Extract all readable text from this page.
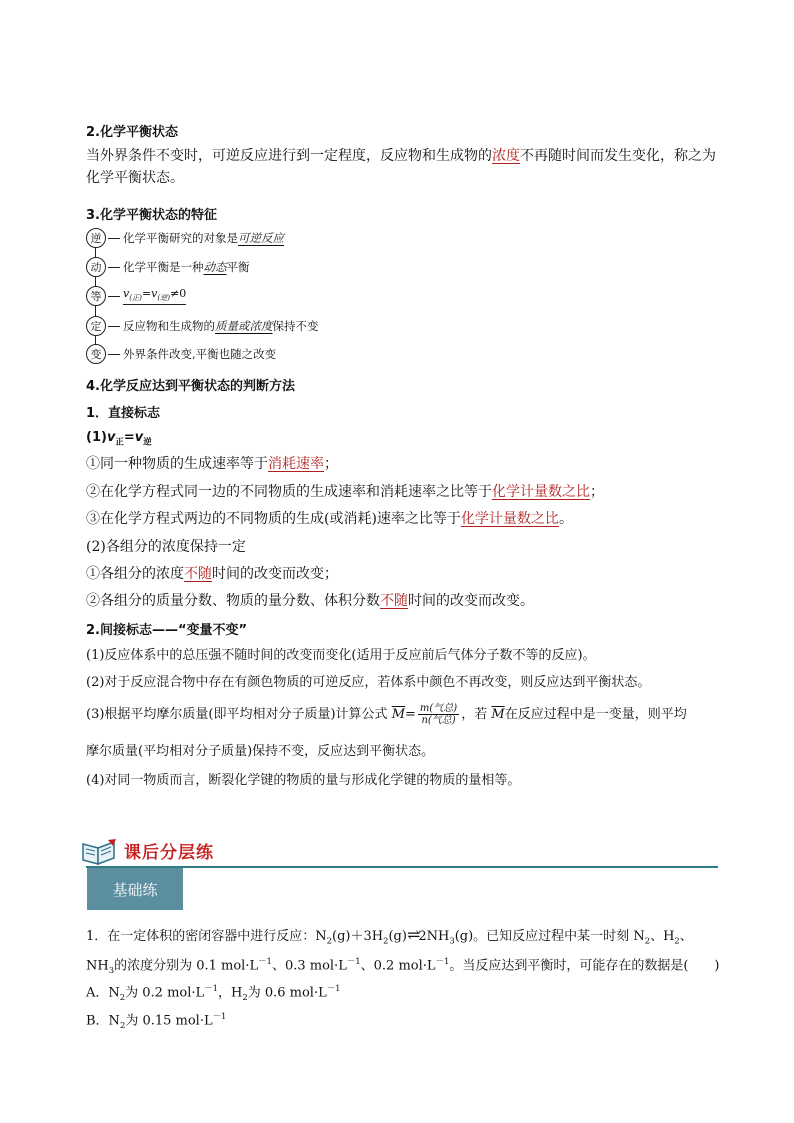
2.化学平衡状态
当外界条件不变时，可逆反应进行到一定程度，反应物和生成物的浓度不再随时间而发生变化，称之为
化学平衡状态。
3.化学平衡状态的特征
逆	化学平衡研究的对象是 可逆反应
动	化学平衡是一种 动态 平衡
等	$v_{(正)}=v_{(逆)}\ne 0$
定	反应物和生成物的 质量或浓度 保持不变
变	外界条件改变,平衡也随之改变
4.化学反应达到平衡状态的判断方法
1．直接标志
$(1)v_正=v_逆$
①同一种物质的生成速率等于消耗速率；
②在化学方程式同一边的不同物质的生成速率和消耗速率之比等于化学计量数之比；
③在化学方程式两边的不同物质的生成(或消耗)速率之比等于化学计量数之比。
(2)各组分的浓度保持一定
①各组分的浓度不随时间的改变而改变；
②各组分的质量分数、物质的量分数、体积分数不随时间的改变而改变。
2.间接标志——“变量不变”
(1)反应体系中的总压强不随时间的改变而变化(适用于反应前后气体分子数不等的反应)。
(2)对于反应混合物中存在有颜色物质的可逆反应，若体系中颜色不再改变，则反应达到平衡状态。
(3)根据平均摩尔质量(即平均相对分子质量)计算公式 $\overline{M}= \frac{\text{m(气总)}}{\text{n(气总)}}$ ，若 $\overline{M}$在反应过程中是一变量，则平均
摩尔质量(平均相对分子质量)保持不变，反应达到平衡状态。
(4)对同一物质而言，断裂化学键的物质的量与形成化学键的物质的量相等。
课后分层练
基础练
1．在一定体积的密闭容器中进行反应：$N_2(g)+3H_2(g)\rightleftharpoons 2NH_3(g)$。已知反应过程中某一时刻 $N_2$、$H_2$、
$NH_3$的浓度分别为 0.1 $mol\cdot L^{-1}$、0.3 $mol\cdot L^{-1}$、0.2 $mol\cdot L^{-1}$。当反应达到平衡时，可能存在的数据是(　　)
A．$N_2$为 0.2 $mol\cdot L^{-1}$，$H_2$为 0.6 $mol\cdot L^{-1}$
B．$N_2$为 0.15 $mol\cdot L^{-1}$
